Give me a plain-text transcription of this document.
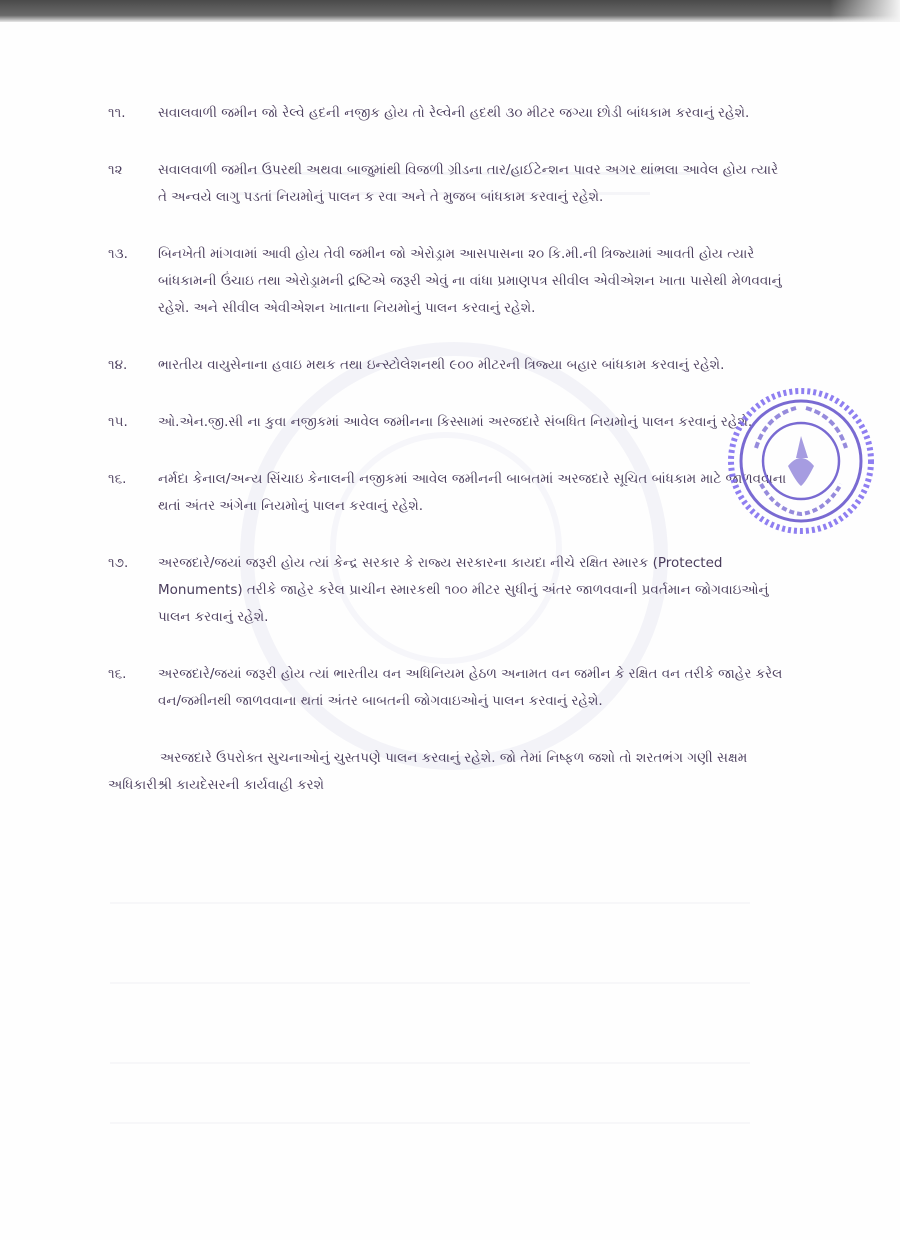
૧૧.	સવાલવાળી જમીન જો રેલ્વે હદની નજીક હોય તો રેલ્વેની હદથી ૩૦ મીટર જગ્યા છોડી બાંધકામ કરવાનું રહેશે.
૧૨	સવાલવાળી જમીન ઉપરથી અથવા બાજુમાંથી વિજળી ગ્રીડના તાર/હાઈટેન્શન પાવર અગર થાંભલા આવેલ હોય ત્યારે તે અન્વયે લાગુ પડતાં નિયમોનું પાલન ક રવા અને તે મુજબ બાંધકામ કરવાનું રહેશે.
૧૩.	બિનખેતી માંગવામાં આવી હોય તેવી જમીન જો એરોડ્રામ આસપાસના ૨૦ કિ.મી.ની ત્રિજ્યામાં આવતી હોય ત્યારે બાંધકામની ઉંચાઇ તથા એરોડ્રામની દ્રષ્ટિએ જરૂરી એવું ના વાંધા પ્રમાણપત્ર સીવીલ એવીએશન ખાતા પાસેથી મેળવવાનું રહેશે. અને સીવીલ એવીએશન ખાતાના નિયમોનું પાલન કરવાનું રહેશે.
૧૪.	ભારતીય વાયુસેનાના હવાઇ મથક તથા ઇન્સ્ટોલેશનથી ૯૦૦ મીટરની ત્રિજ્યા બહાર બાંધકામ કરવાનું રહેશે.
૧૫.	ઓ.એન.જી.સી ના કુવા નજીકમાં આવેલ જમીનના કિસ્સામાં અરજદારે સંબધિત નિયમોનું પાલન કરવાનું રહેશે.
૧૬.	નર્મદા કેનાલ/અન્ય સિંચાઇ કેનાલની નજીકમાં આવેલ જમીનની બાબતમાં અરજદારે સૂચિત બાંધકામ માટે જાળવવાના થતાં અંતર અંગેના નિયમોનું પાલન કરવાનું રહેશે.
૧૭.	અરજદારે/જયાં જરૂરી હોય ત્યાં કેન્દ્ર સરકાર કે રાજ્ય સરકારના કાયદા નીચે રક્ષિત સ્મારક (Protected Monuments) તરીકે જાહેર કરેલ પ્રાચીન સ્મારકથી ૧૦૦ મીટર સુધીનું અંતર જાળવવાની પ્રવર્તમાન જોગવાઇઓનું પાલન કરવાનું રહેશે.
૧૬.	અરજદારે/જયાં જરૂરી હોય ત્યાં ભારતીય વન અધિનિયમ હેઠળ અનામત વન જમીન કે રક્ષિત વન તરીકે જાહેર કરેલ વન/જમીનથી જાળવવાના થતાં અંતર બાબતની જોગવાઇઓનું પાલન કરવાનું રહેશે.
અરજદારે ઉપરોક્ત સુચનાઓનું ચુસ્તપણે પાલન કરવાનું રહેશે. જો તેમાં નિષ્ફળ જશો તો શરતભંગ ગણી સક્ષમ અધિકારીશ્રી કાયદેસરની કાર્યવાહી કરશે
